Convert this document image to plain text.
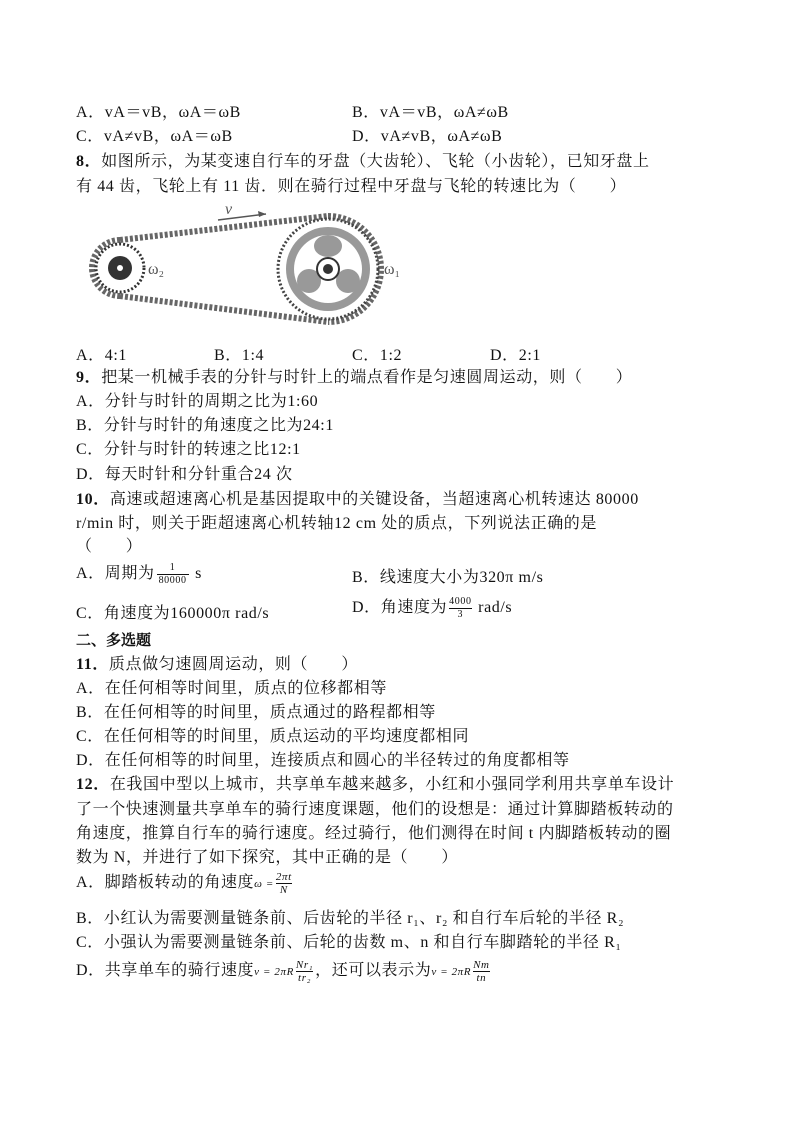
A．vA＝vB，ωA＝ωB	B．vA＝vB，ωA≠ωB
C．vA≠vB，ωA＝ωB	D．vA≠vB，ωA≠ωB
8．如图所示，为某变速自行车的牙盘（大齿轮）、飞轮（小齿轮），已知牙盘上
有 44 齿，飞轮上有 11 齿．则在骑行过程中牙盘与飞轮的转速比为（　　）
v
ω₂	ω₁
A．4:1	B．1:4	C．1:2	D．2:1
9．把某一机械手表的分针与时针上的端点看作是匀速圆周运动，则（　　）
A．分针与时针的周期之比为1:60
B．分针与时针的角速度之比为24:1
C．分针与时针的转速之比12:1
D．每天时针和分针重合24 次
10．高速或超速离心机是基因提取中的关键设备，当超速离心机转速达 80000
r/min 时，则关于距超速离心机转轴12 cm 处的质点，下列说法正确的是
（　　）
A．周期为 $\frac{1}{80000}$ s	B．线速度大小为320π m/s
C．角速度为160000π rad/s	D．角速度为 $\frac{4000}{3} rad/s$
二、多选题
11．质点做匀速圆周运动，则（　　）
A．在任何相等时间里，质点的位移都相等
B．在任何相等的时间里，质点通过的路程都相等
C．在任何相等的时间里，质点运动的平均速度都相同
D．在任何相等的时间里，连接质点和圆心的半径转过的角度都相等
12．在我国中型以上城市，共享单车越来越多，小红和小强同学利用共享单车设计
了一个快速测量共享单车的骑行速度课题，他们的设想是：通过计算脚踏板转动的
角速度，推算自行车的骑行速度。经过骑行，他们测得在时间 t 内脚踏板转动的圈
数为 N，并进行了如下探究，其中正确的是（　　）
A．脚踏板转动的角速度$\omega = \frac{2\pi t}{N}$
B．小红认为需要测量链条前、后齿轮的半径 r₁、r₂ 和自行车后轮的半径 R₂
C．小强认为需要测量链条前、后轮的齿数 m、n 和自行车脚踏轮的半径 R₁
D．共享单车的骑行速度$v = 2\pi R \frac{\text{Nr₁}}{\text{tr₂}}$ ，还可以表示为$v = 2\pi R \frac{Nm}{tn}$
